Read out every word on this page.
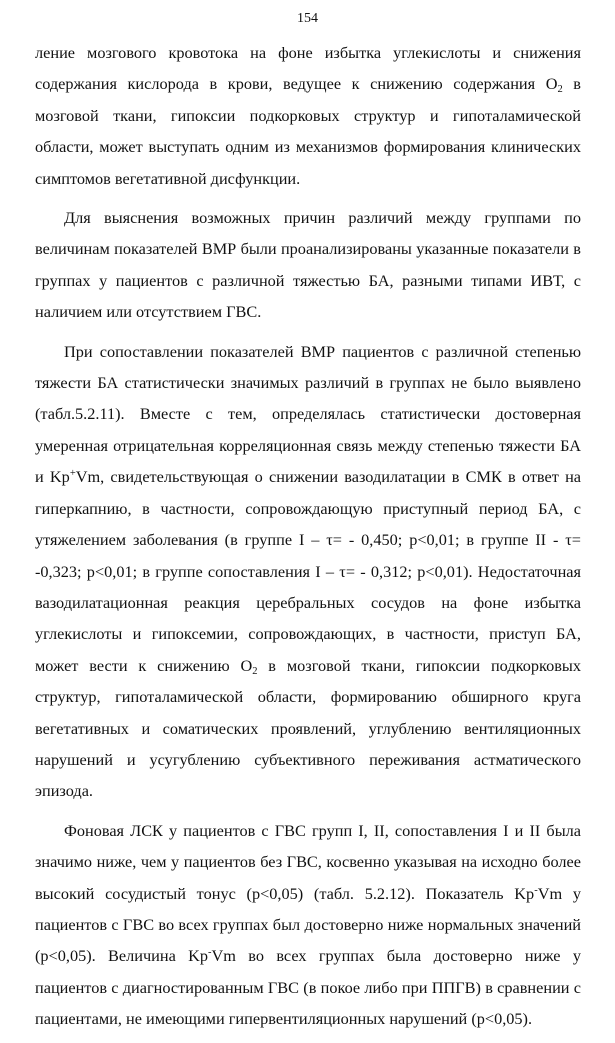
154

ление мозгового кровотока на фоне избытка углекислоты и снижения содержания кислорода в крови, ведущее к снижению содержания $O_2$ в мозговой ткани, гипоксии подкорковых структур и гипоталамической области, может выступать одним из механизмов формирования клинических симптомов вегетативной дисфункции.

Для выяснения возможных причин различий между группами по величинам показателей ВМР были проанализированы указанные показатели в группах у пациентов с различной тяжестью БА, разными типами ИВТ, с наличием или отсутствием ГВС.

При сопоставлении показателей ВМР пациентов с различной степенью тяжести БА статистически значимых различий в группах не было выявлено (табл.5.2.11). Вместе с тем, определялась статистически достоверная умеренная отрицательная корреляционная связь между степенью тяжести БА и Kp+Vm, свидетельствующая о снижении вазодилатации в СМК в ответ на гиперкапнию, в частности, сопровождающую приступный период БА, с утяжелением заболевания (в группе I – τ= - 0,450; p<0,01; в группе II - τ= -0,323; p<0,01; в группе сопоставления I – τ= - 0,312; p<0,01). Недостаточная вазодилатационная реакция церебральных сосудов на фоне избытка углекислоты и гипоксемии, сопровождающих, в частности, приступ БА, может вести к снижению $O_2$ в мозговой ткани, гипоксии подкорковых структур, гипоталамической области, формированию обширного круга вегетативных и соматических проявлений, углублению вентиляционных нарушений и усугублению субъективного переживания астматического эпизода.

Фоновая ЛСК у пациентов с ГВС групп I, II, сопоставления I и II была значимо ниже, чем у пациентов без ГВС, косвенно указывая на исходно более высокий сосудистый тонус (p<0,05) (табл. 5.2.12). Показатель Kp-Vm у пациентов с ГВС во всех группах был достоверно ниже нормальных значений (p<0,05). Величина Kp-Vm во всех группах была достоверно ниже у пациентов с диагностированным ГВС (в покое либо при ППГВ) в сравнении с пациентами, не имеющими гипервентиляционных нарушений (p<0,05).
